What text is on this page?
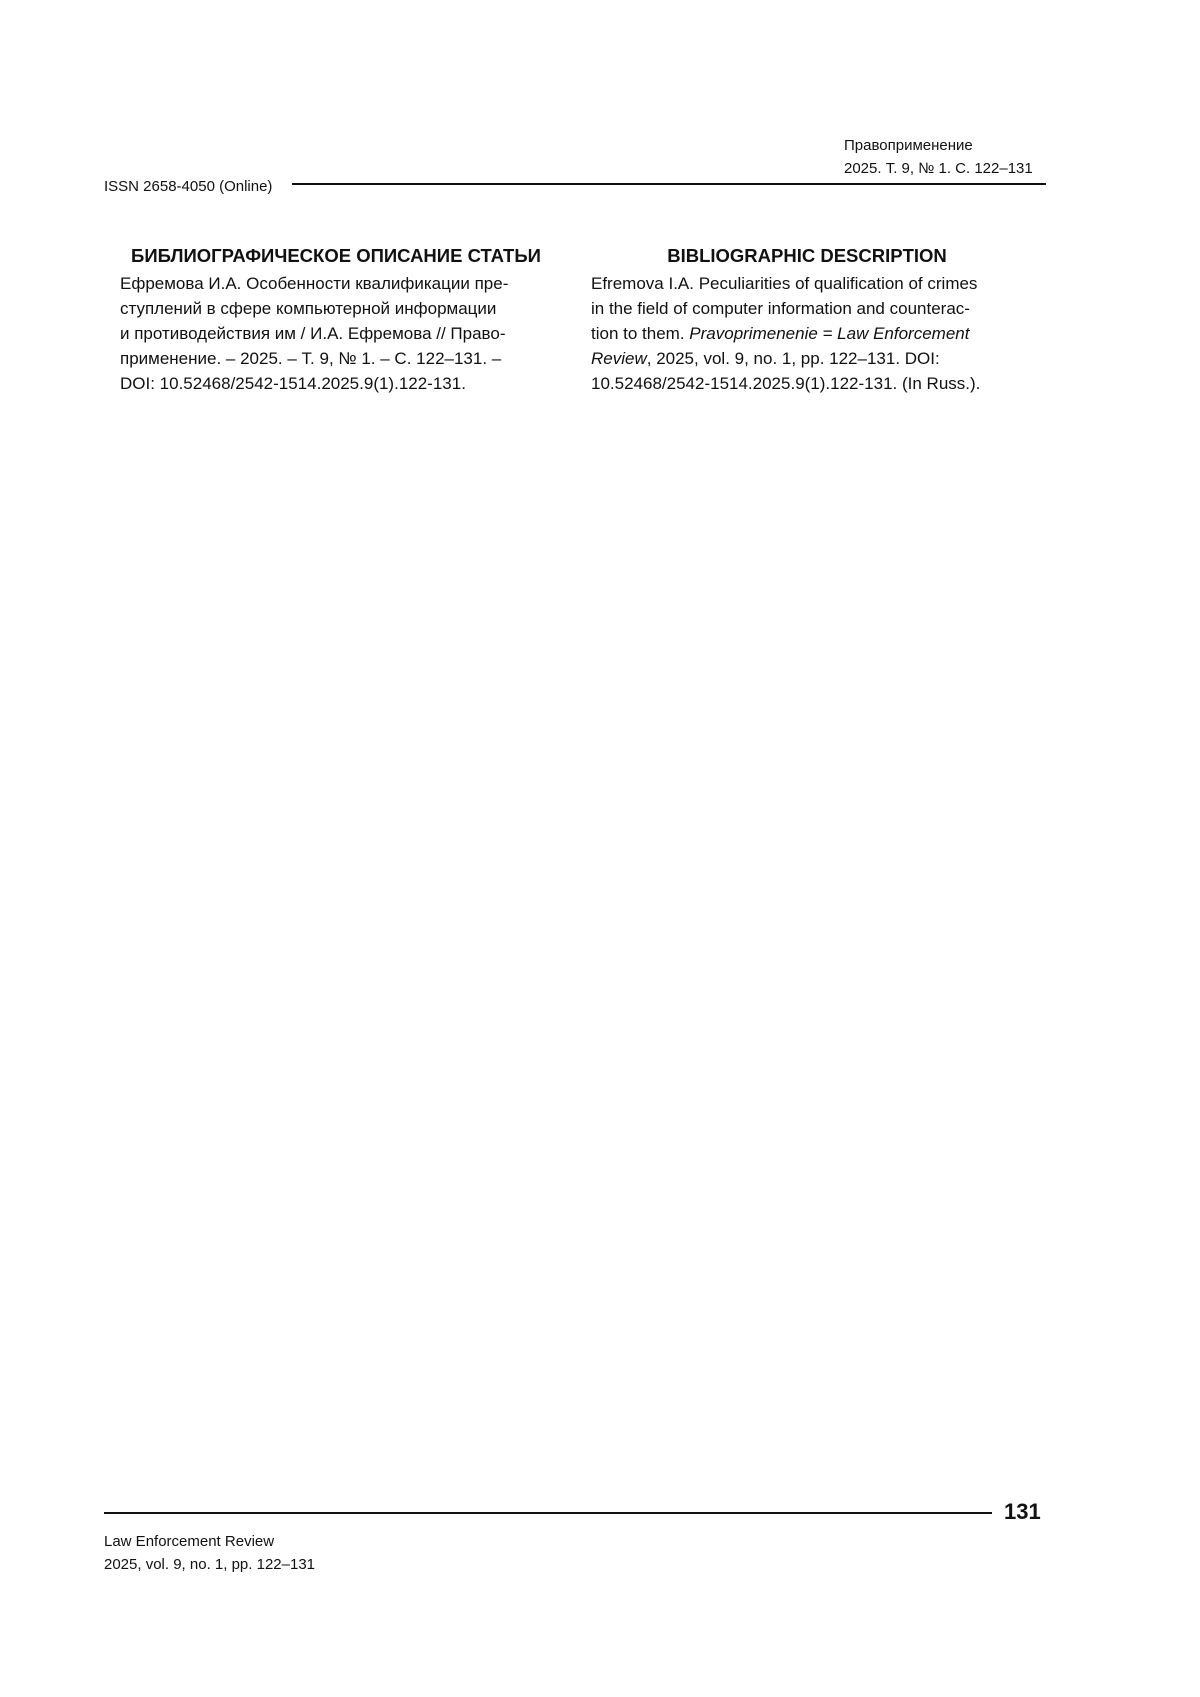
Правоприменение
2025. Т. 9, № 1. С. 122–131
ISSN 2658-4050 (Online)
БИБЛИОГРАФИЧЕСКОЕ ОПИСАНИЕ СТАТЬИ
Ефремова И.А. Особенности квалификации пре-
ступлений в сфере компьютерной информации
и противодействия им / И.А. Ефремова // Право-
применение. – 2025. – Т. 9, № 1. – С. 122–131. –
DOI: 10.52468/2542-1514.2025.9(1).122-131.
BIBLIOGRAPHIC DESCRIPTION
Efremova I.A. Peculiarities of qualification of crimes
in the field of computer information and counterac-
tion to them. Pravoprimenenie = Law Enforcement
Review, 2025, vol. 9, no. 1, pp. 122–131. DOI:
10.52468/2542-1514.2025.9(1).122-131. (In Russ.).
131
Law Enforcement Review
2025, vol. 9, no. 1, pp. 122–131
